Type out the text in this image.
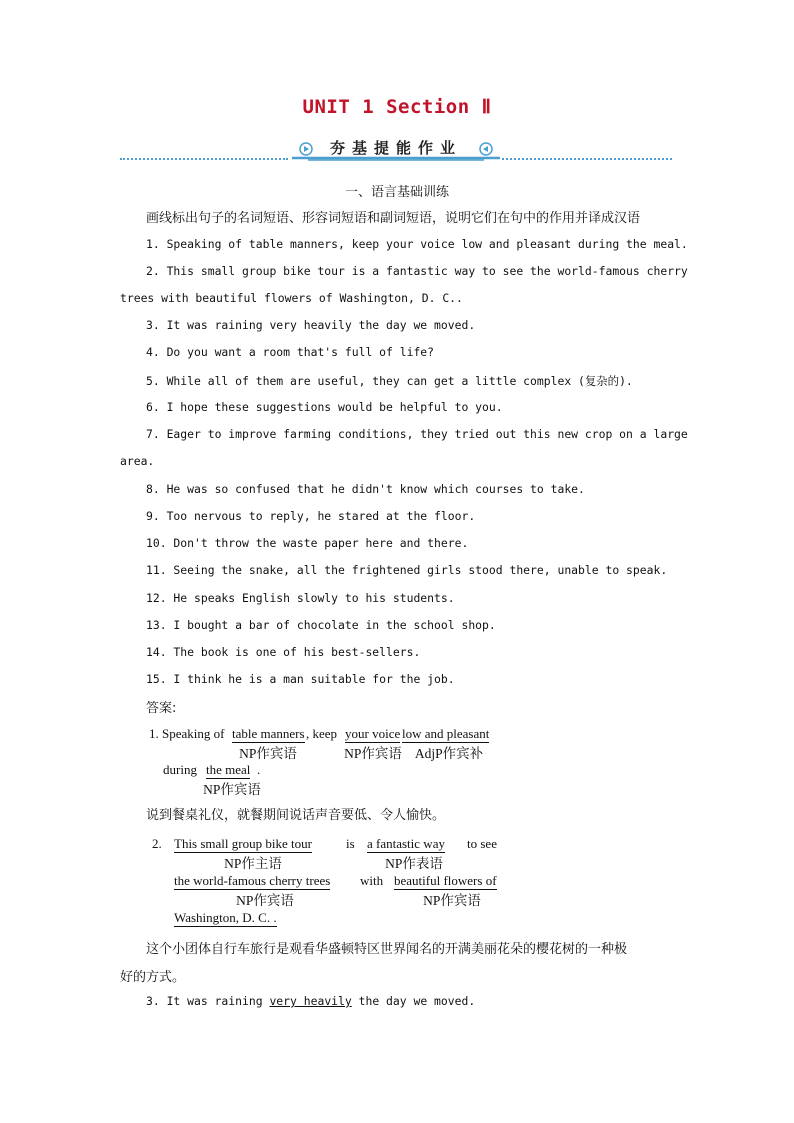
UNIT 1 Section Ⅱ
夯基提能作业
一、语言基础训练
画线标出句子的名词短语、形容词短语和副词短语，说明它们在句中的作用并译成汉语
1. Speaking of table manners, keep your voice low and pleasant during the meal.
2. This small group bike tour is a fantastic way to see the world-famous cherry
trees with beautiful flowers of Washington, D. C..
3. It was raining very heavily the day we moved.
4. Do you want a room that's full of life?
5. While all of them are useful, they can get a little complex (复杂的).
6. I hope these suggestions would be helpful to you.
7. Eager to improve farming conditions, they tried out this new crop on a large
area.
8. He was so confused that he didn't know which courses to take.
9. Too nervous to reply, he stared at the floor.
10. Don't throw the waste paper here and there.
11. Seeing the snake, all the frightened girls stood there, unable to speak.
12. He speaks English slowly to his students.
13. I bought a bar of chocolate in the school shop.
14. The book is one of his best-sellers.
15. I think he is a man suitable for the job.
答案:
1. Speaking of table manners , keep your voice low and pleasant
NP作宾语	NP作宾语 AdjP作宾补
during the meal .
NP作宾语
说到餐桌礼仪，就餐期间说话声音要低、令人愉快。
2. This small group bike tour	is a fantastic way to see
NP作主语	NP作表语
the world-famous cherry trees with beautiful flowers of
NP作宾语	NP作宾语
Washington, D. C. .
这个小团体自行车旅行是观看华盛顿特区世界闻名的开满美丽花朵的樱花树的一种极
好的方式。
3. It was raining very heavily the day we moved.
